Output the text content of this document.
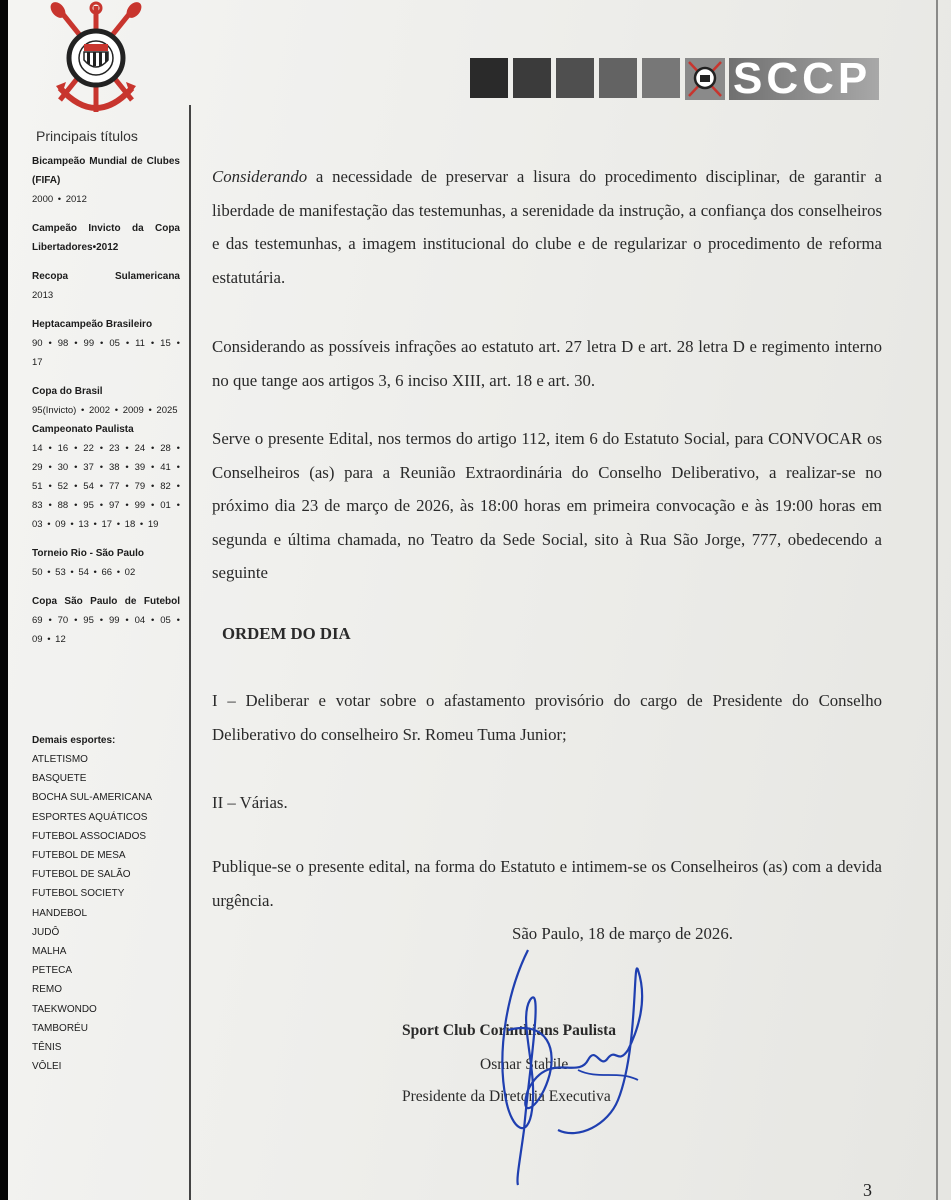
Principais títulos
Bicampeão Mundial de Clubes (FIFA)
2000 • 2012
Campeão Invicto da Copa Libertadores•2012
Recopa Sulamericana
2013
Heptacampeão Brasileiro
90 • 98 • 99 • 05 • 11 • 15 • 17
Copa do Brasil
95(Invicto) • 2002 • 2009 • 2025
Campeonato Paulista
14 • 16 • 22 • 23 • 24 • 28 • 29 • 30 • 37 • 38 • 39 • 41 • 51 • 52 • 54 • 77 • 79 • 82 • 83 • 88 • 95 • 97 • 99 • 01 • 03 • 09 • 13 • 17 • 18 • 19
Torneio Rio - São Paulo
50 • 53 • 54 • 66 • 02
Copa São Paulo de Futebol
69 • 70 • 95 • 99 • 04 • 05 • 09 • 12
Demais esportes:
ATLETISMO
BASQUETE
BOCHA SUL-AMERICANA
ESPORTES AQUÁTICOS
FUTEBOL ASSOCIADOS
FUTEBOL DE MESA
FUTEBOL DE SALÃO
FUTEBOL SOCIETY
HANDEBOL
JUDÔ
MALHA
PETECA
REMO
TAEKWONDO
TAMBORÉU
TÊNIS
VÔLEI
SCCP

Considerando a necessidade de preservar a lisura do procedimento disciplinar, de garantir a liberdade de manifestação das testemunhas, a serenidade da instrução, a confiança dos conselheiros e das testemunhas, a imagem institucional do clube e de regularizar o procedimento de reforma estatutária.

Considerando as possíveis infrações ao estatuto art. 27 letra D e art. 28 letra D e regimento interno no que tange aos artigos 3, 6 inciso XIII, art. 18 e art. 30.

Serve o presente Edital, nos termos do artigo 112, item 6 do Estatuto Social, para CONVOCAR os Conselheiros (as) para a Reunião Extraordinária do Conselho Deliberativo, a realizar-se no próximo dia 23 de março de 2026, às 18:00 horas em primeira convocação e às 19:00 horas em segunda e última chamada, no Teatro da Sede Social, sito à Rua São Jorge, 777, obedecendo a seguinte

ORDEM DO DIA

I – Deliberar e votar sobre o afastamento provisório do cargo de Presidente do Conselho Deliberativo do conselheiro Sr. Romeu Tuma Junior;

II – Várias.

Publique-se o presente edital, na forma do Estatuto e intimem-se os Conselheiros (as) com a devida urgência.

São Paulo, 18 de março de 2026.
Sport Club Corinthians Paulista
Osmar Stabile
Presidente da Diretoria Executiva
3
